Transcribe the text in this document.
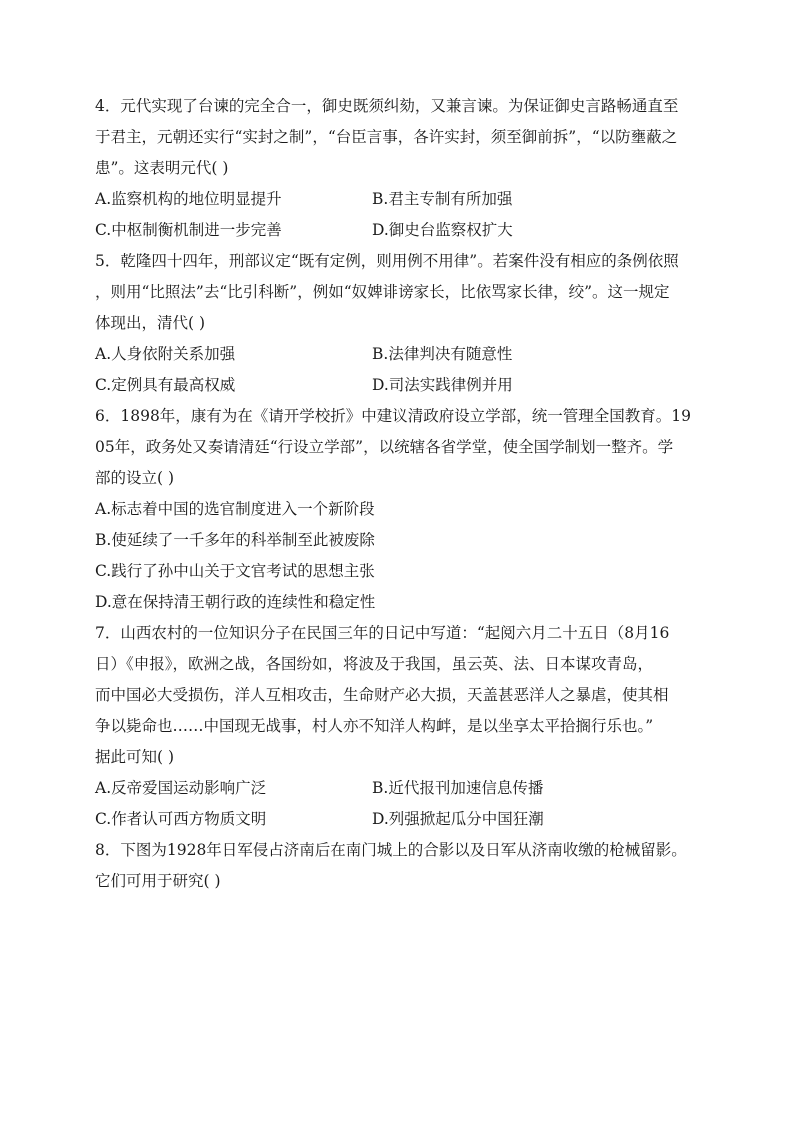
4．元代实现了台谏的完全合一，御史既须纠劾，又兼言谏。为保证御史言路畅通直至
于君主，元朝还实行“实封之制”，“台臣言事，各许实封，须至御前拆”，“以防壅蔽之
患”。这表明元代( )
A.监察机构的地位明显提升	B.君主专制有所加强
C.中枢制衡机制进一步完善	D.御史台监察权扩大
5．乾隆四十四年，刑部议定“既有定例，则用例不用律”。若案件没有相应的条例依照
，则用“比照法”去“比引科断”，例如“奴婢诽谤家长，比依骂家长律，绞”。这一规定
体现出，清代( )
A.人身依附关系加强	B.法律判决有随意性
C.定例具有最高权威	D.司法实践律例并用
6．1898年，康有为在《请开学校折》中建议清政府设立学部，统一管理全国教育。19
05年，政务处又奏请清廷“行设立学部”，以统辖各省学堂，使全国学制划一整齐。学
部的设立( )
A.标志着中国的选官制度进入一个新阶段
B.使延续了一千多年的科举制至此被废除
C.践行了孙中山关于文官考试的思想主张
D.意在保持清王朝行政的连续性和稳定性
7．山西农村的一位知识分子在民国三年的日记中写道：“起阅六月二十五日（8月16
日）《申报》，欧洲之战，各国纷如，将波及于我国，虽云英、法、日本谋攻青岛，
而中国必大受损伤，洋人互相攻击，生命财产必大损，天盖甚恶洋人之暴虐，使其相
争以毙命也……中国现无战事，村人亦不知洋人构衅，是以坐享太平拾搁行乐也。”
据此可知( )
A.反帝爱国运动影响广泛	B.近代报刊加速信息传播
C.作者认可西方物质文明	D.列强掀起瓜分中国狂潮
8．下图为1928年日军侵占济南后在南门城上的合影以及日军从济南收缴的枪械留影。
它们可用于研究( )
